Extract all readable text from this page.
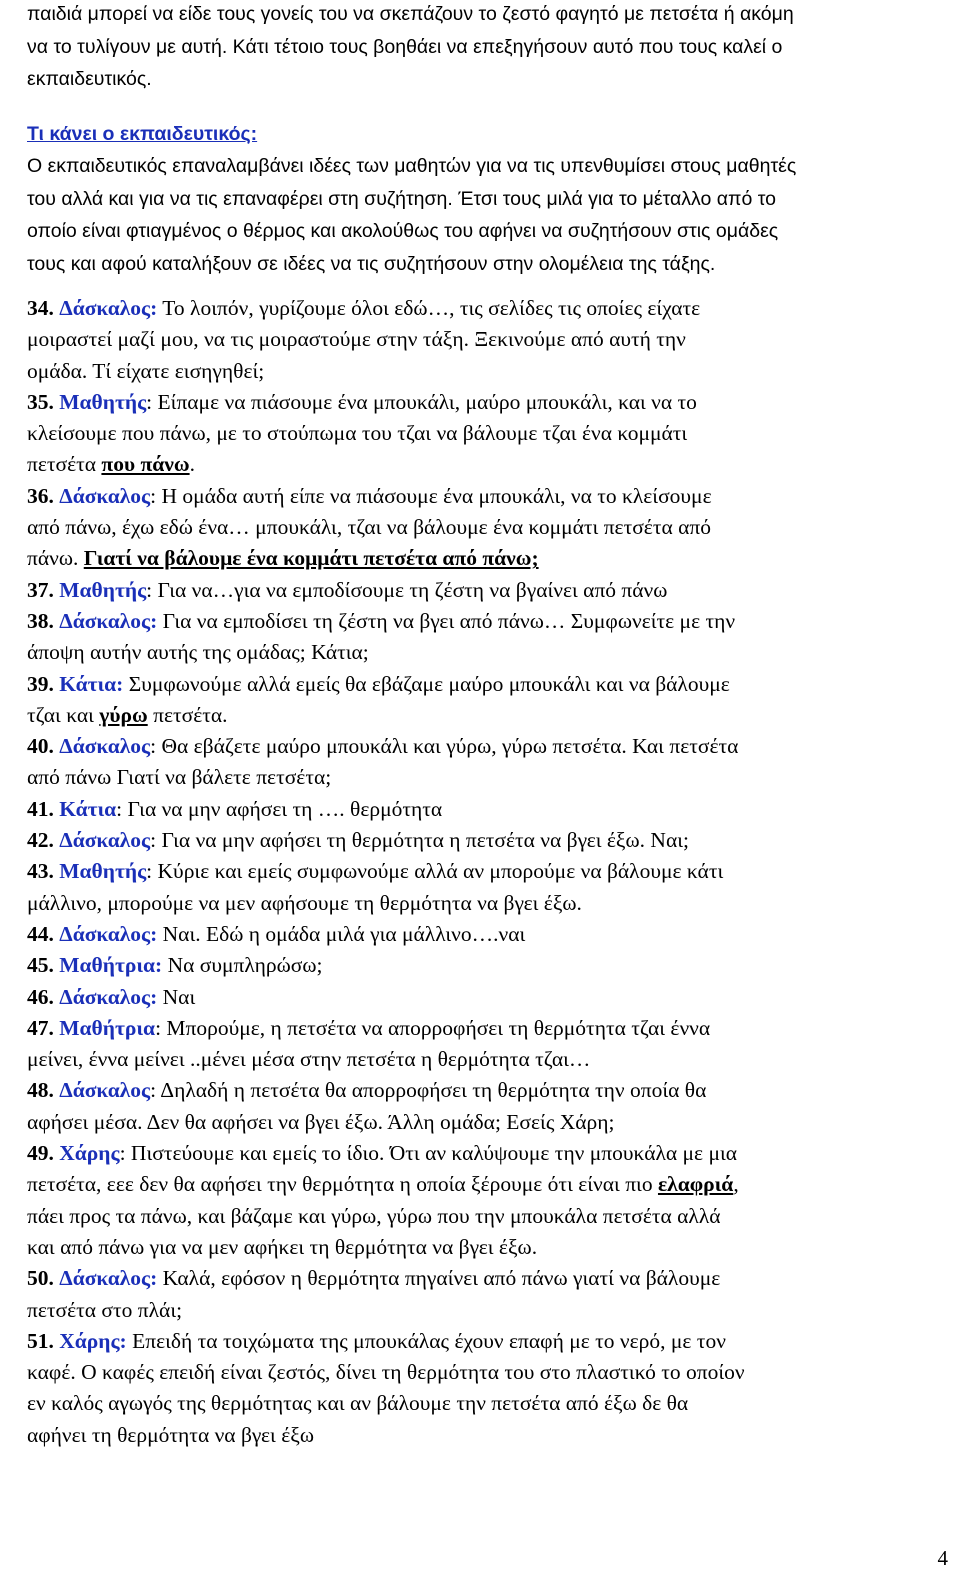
παιδιά μπορεί να είδε τους γονείς του να σκεπάζουν το ζεστό φαγητό με πετσέτα ή ακόμη

να το τυλίγουν με αυτή. Κάτι τέτοιο τους βοηθάει να επεξηγήσουν αυτό που τους καλεί ο

εκπαιδευτικός.

Τι κάνει ο εκπαιδευτικός:

Ο εκπαιδευτικός επαναλαμβάνει ιδέες των μαθητών για να τις υπενθυμίσει στους μαθητές

του αλλά και για να τις επαναφέρει στη συζήτηση. Έτσι τους μιλά για το μέταλλο από το

οποίο είναι φτιαγμένος ο θέρμος και ακολούθως του αφήνει να συζητήσουν στις ομάδες

τους και αφού καταλήξουν σε ιδέες να τις συζητήσουν στην ολομέλεια της τάξης.

34. Δάσκαλος: Το λοιπόν, γυρίζουμε όλοι εδώ…, τις σελίδες τις οποίες είχατε

μοιραστεί μαζί μου, να τις μοιραστούμε στην τάξη. Ξεκινούμε από αυτή την

ομάδα. Τί είχατε εισηγηθεί;

35. Μαθητής: Είπαμε να πιάσουμε ένα μπουκάλι, μαύρο μπουκάλι, και να το

κλείσουμε που πάνω, με το στούπωμα του τζαι να βάλουμε τζαι ένα κομμάτι

πετσέτα που πάνω.

36. Δάσκαλος: Η ομάδα αυτή είπε να πιάσουμε ένα μπουκάλι, να το κλείσουμε

από πάνω, έχω εδώ ένα… μπουκάλι, τζαι να βάλουμε ένα κομμάτι πετσέτα από

πάνω. Γιατί να βάλουμε ένα κομμάτι πετσέτα από πάνω;

37. Μαθητής: Για να…για να εμποδίσουμε τη ζέστη να βγαίνει από πάνω

38. Δάσκαλος: Για να εμποδίσει τη ζέστη να βγει από πάνω… Συμφωνείτε με την

άποψη αυτήν αυτής της ομάδας; Κάτια;

39. Κάτια: Συμφωνούμε αλλά εμείς θα εβάζαμε μαύρο μπουκάλι και να βάλουμε

τζαι και γύρω πετσέτα.

40. Δάσκαλος: Θα εβάζετε μαύρο μπουκάλι και γύρω, γύρω πετσέτα. Και πετσέτα

από πάνω Γιατί να βάλετε πετσέτα;

41. Κάτια: Για να μην αφήσει τη …. θερμότητα

42. Δάσκαλος: Για να μην αφήσει τη θερμότητα η πετσέτα να βγει έξω. Ναι;

43. Μαθητής: Κύριε και εμείς συμφωνούμε αλλά αν μπορούμε να βάλουμε κάτι

μάλλινο, μπορούμε να μεν αφήσουμε τη θερμότητα να βγει έξω.

44. Δάσκαλος: Ναι. Εδώ η ομάδα μιλά για μάλλινο….ναι

45. Μαθήτρια: Να συμπληρώσω;

46. Δάσκαλος: Ναι

47. Μαθήτρια: Μπορούμε, η πετσέτα να απορροφήσει τη θερμότητα τζαι έννα

μείνει, έννα μείνει ..μένει μέσα στην πετσέτα η θερμότητα τζαι…

48. Δάσκαλος: Δηλαδή η πετσέτα θα απορροφήσει τη θερμότητα την οποία θα

αφήσει μέσα. Δεν θα αφήσει να βγει έξω. Άλλη ομάδα; Εσείς Χάρη;

49. Χάρης: Πιστεύουμε και εμείς το ίδιο. Ότι αν καλύψουμε την μπουκάλα με μια

πετσέτα, εεε δεν θα αφήσει την θερμότητα η οποία ξέρουμε ότι είναι πιο ελαφριά,

πάει προς τα πάνω, και βάζαμε και γύρω, γύρω που την μπουκάλα πετσέτα αλλά

και από πάνω για να μεν αφήκει τη θερμότητα να βγει έξω.

50. Δάσκαλος: Καλά, εφόσον η θερμότητα πηγαίνει από πάνω γιατί να βάλουμε

πετσέτα στο πλάι;

51. Χάρης: Επειδή τα τοιχώματα της μπουκάλας έχουν επαφή με το νερό, με τον

καφέ. Ο καφές επειδή είναι ζεστός, δίνει τη θερμότητα του στο πλαστικό το οποίον

εν καλός αγωγός της θερμότητας και αν βάλουμε την πετσέτα από έξω δε θα

αφήνει τη θερμότητα να βγει έξω

4
